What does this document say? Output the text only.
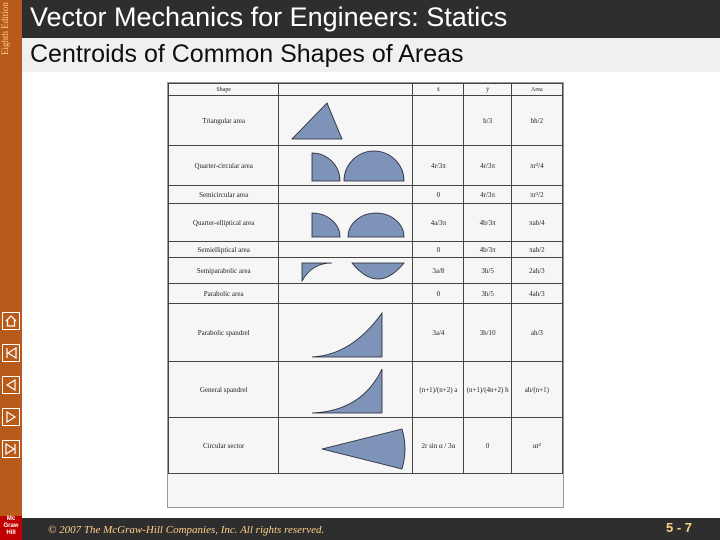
Eighth Edition Vector Mechanics for Engineers: Statics
Centroids of Common Shapes of Areas
Shape		x̄	ȳ	Area
Triangular area			h/3	bh/2
Quarter-circular area		4r/3π	4r/3π	πr²/4
Semicircular area		0	4r/3π	πr²/2
Quarter-elliptical area		4a/3π	4b/3π	πab/4
Semielliptical area		0	4b/3π	πab/2
Semiparabolic area		3a/8	3h/5	2ah/3
Parabolic area		0	3h/5	4ah/3
Parabolic spandrel		3a/4	3h/10	ah/3
General spandrel		(n+1)/(n+2) a	(n+1)/(4n+2) h	ah/(n+1)
Circular sector		2r sin α / 3α	0	αr²
Mc Graw Hill	© 2007 The McGraw-Hill Companies, Inc. All rights reserved.	5 - 7
